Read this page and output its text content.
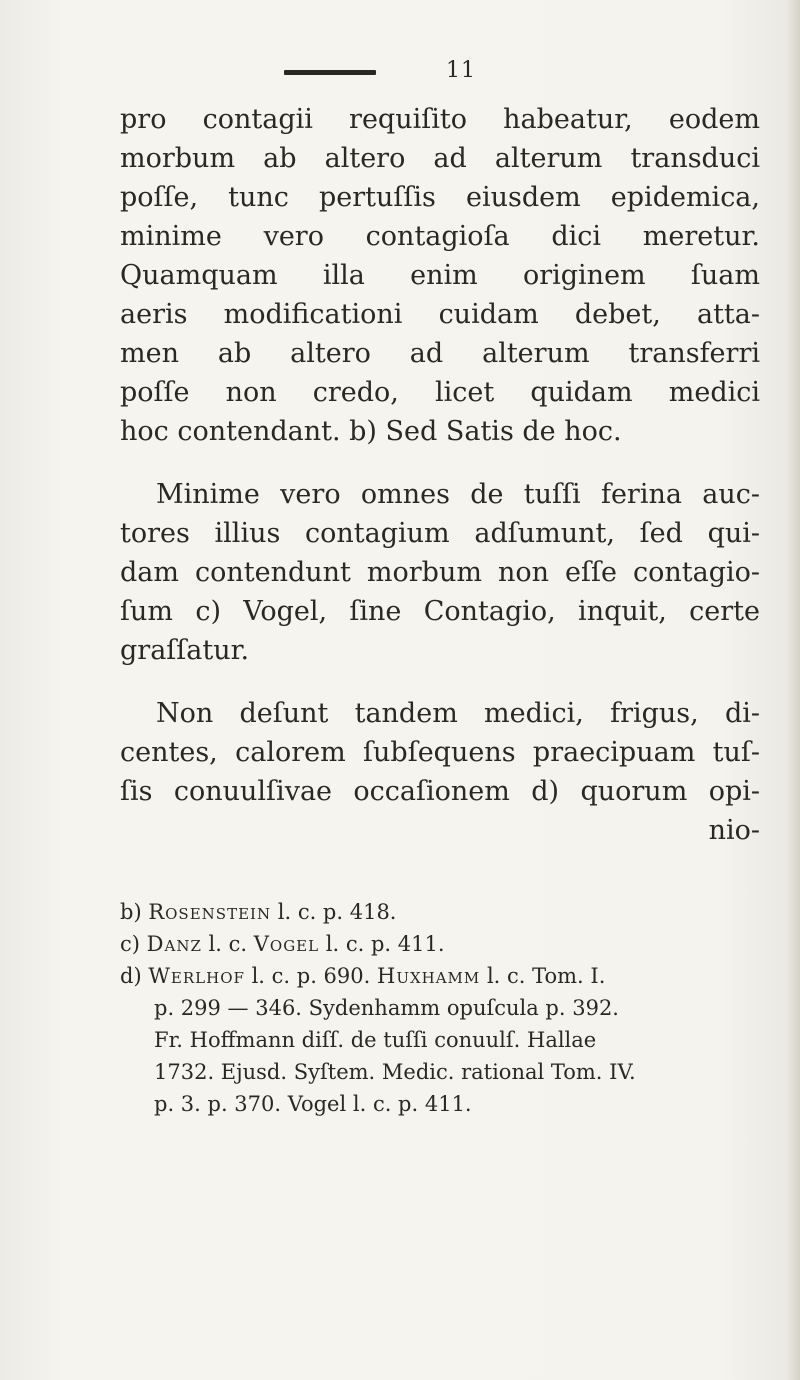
11
pro contagii requiſito habeatur, eodem
morbum ab altero ad alterum transduci
poſſe, tunc pertuſſis eiusdem epidemica,
minime vero contagioſa dici meretur.
Quamquam illa enim originem ſuam
aeris modificationi cuidam debet, atta-
men ab altero ad alterum transferri
poſſe non credo, licet quidam medici
hoc contendant. b) Sed Satis de hoc.
Minime vero omnes de tuſſi ferina auc-
tores illius contagium adſumunt, ſed qui-
dam contendunt morbum non eſſe contagio-
ſum c) Vogel, ſine Contagio, inquit, certe
graſſatur.
Non deſunt tandem medici, frigus, di-
centes, calorem ſubſequens praecipuam tuſ-
ſis conuulſivae occaſionem d) quorum opi-
nio-
b) Rosenstein l. c. p. 418.
c) Danz l. c. Vogel l. c. p. 411.
d) Werlhof l. c. p. 690. Huxhamm l. c. Tom. I.
p. 299 — 346. Sydenhamm opuſcula p. 392.
Fr. Hoffmann diſſ. de tuſſi conuulſ. Hallae
1732. Ejusd. Syſtem. Medic. rational Tom. IV.
p. 3. p. 370. Vogel l. c. p. 411.
